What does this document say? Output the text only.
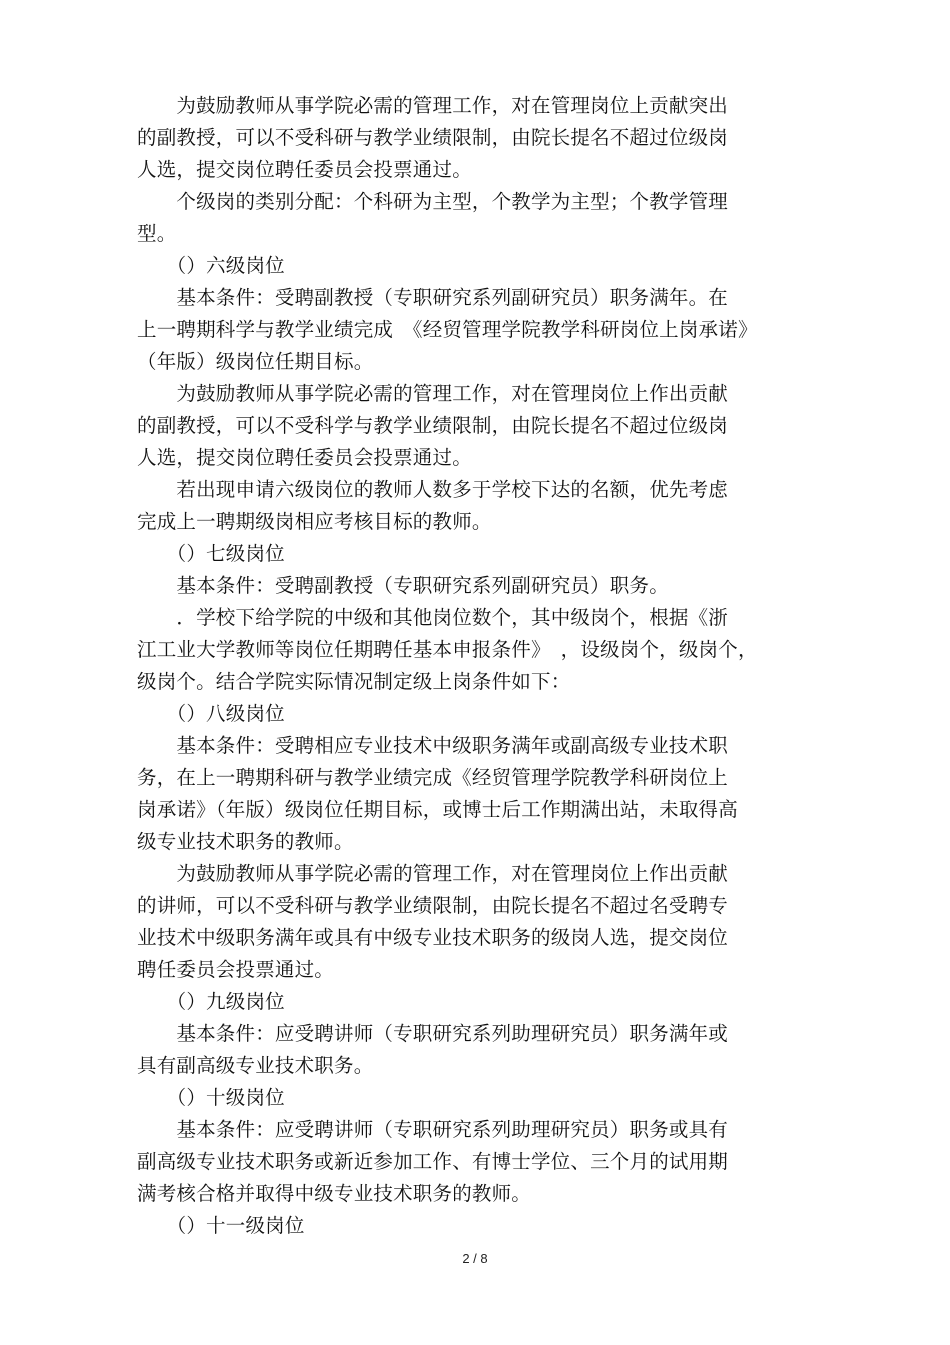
　　为鼓励教师从事学院必需的管理工作，对在管理岗位上贡献突出
的副教授，可以不受科研与教学业绩限制，由院长提名不超过位级岗
人选，提交岗位聘任委员会投票通过。
　　个级岗的类别分配：个科研为主型，个教学为主型；个教学管理
型。
　　（）六级岗位
　　基本条件：受聘副教授（专职研究系列副研究员）职务满年。在
上一聘期科学与教学业绩完成　《经贸管理学院教学科研岗位上岗承诺》
（年版）级岗位任期目标。
　　为鼓励教师从事学院必需的管理工作，对在管理岗位上作出贡献
的副教授，可以不受科学与教学业绩限制，由院长提名不超过位级岗
人选，提交岗位聘任委员会投票通过。
　　若出现申请六级岗位的教师人数多于学校下达的名额，优先考虑
完成上一聘期级岗相应考核目标的教师。
　　（）七级岗位
　　基本条件：受聘副教授（专职研究系列副研究员）职务。
　　．学校下给学院的中级和其他岗位数个，其中级岗个，根据《浙
江工业大学教师等岗位任期聘任基本申报条件》　，设级岗个，级岗个，
级岗个。结合学院实际情况制定级上岗条件如下：
　　（）八级岗位
　　基本条件：受聘相应专业技术中级职务满年或副高级专业技术职
务，在上一聘期科研与教学业绩完成《经贸管理学院教学科研岗位上
岗承诺》（年版）级岗位任期目标，或博士后工作期满出站，未取得高
级专业技术职务的教师。
　　为鼓励教师从事学院必需的管理工作，对在管理岗位上作出贡献
的讲师，可以不受科研与教学业绩限制，由院长提名不超过名受聘专
业技术中级职务满年或具有中级专业技术职务的级岗人选，提交岗位
聘任委员会投票通过。
　　（）九级岗位
　　基本条件：应受聘讲师（专职研究系列助理研究员）职务满年或
具有副高级专业技术职务。
　　（）十级岗位
　　基本条件：应受聘讲师（专职研究系列助理研究员）职务或具有
副高级专业技术职务或新近参加工作、有博士学位、三个月的试用期
满考核合格并取得中级专业技术职务的教师。
　　（）十一级岗位
2 / 8
